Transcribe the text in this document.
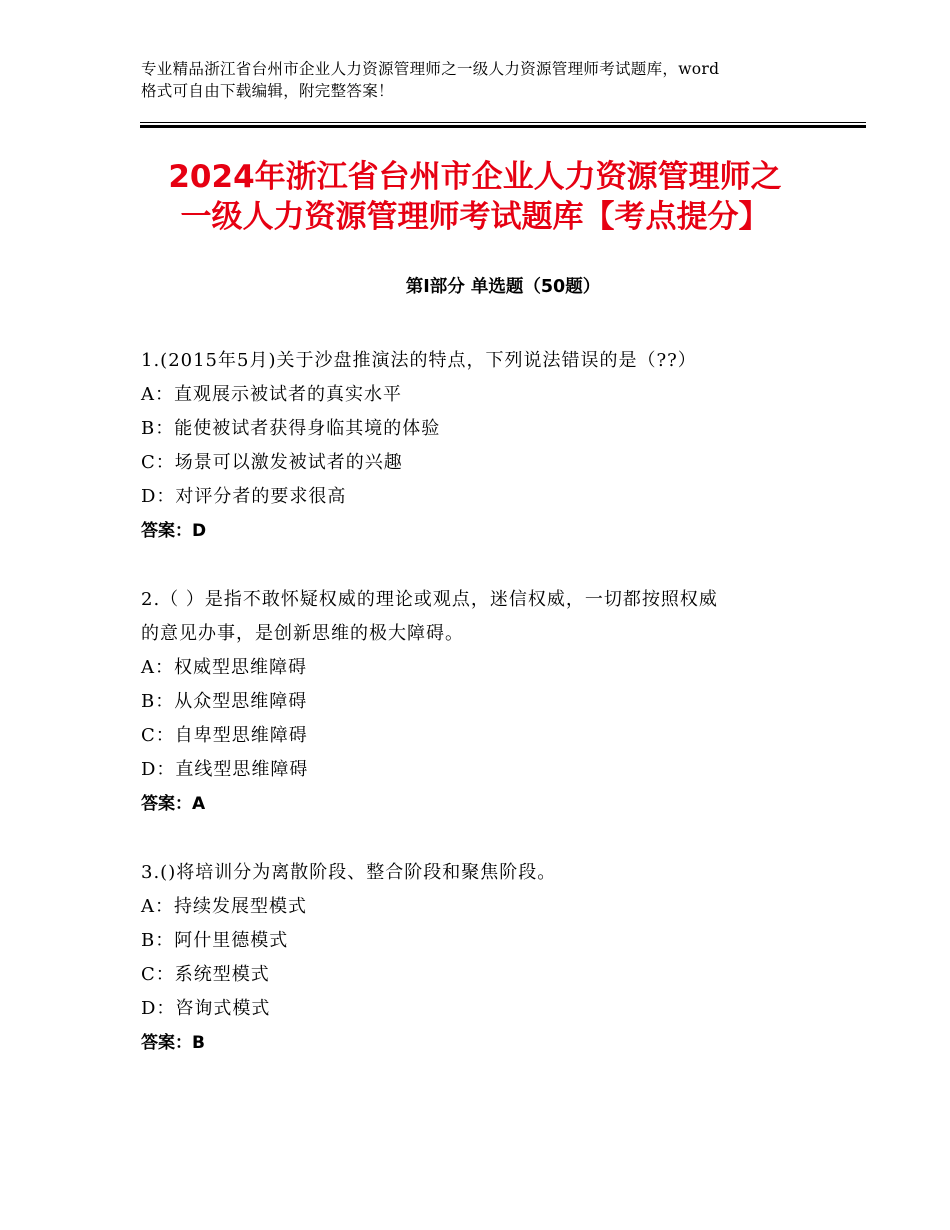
专业精品浙江省台州市企业人力资源管理师之一级人力资源管理师考试题库，word
格式可自由下载编辑，附完整答案！
2024年浙江省台州市企业人力资源管理师之
一级人力资源管理师考试题库【考点提分】
第Ⅰ部分 单选题（50题）
1.(2015年5月)关于沙盘推演法的特点，下列说法错误的是（??）
A：直观展示被试者的真实水平
B：能使被试者获得身临其境的体验
C：场景可以激发被试者的兴趣
D：对评分者的要求很高
答案：D
2.（ ）是指不敢怀疑权威的理论或观点，迷信权威，一切都按照权威
的意见办事，是创新思维的极大障碍。
A：权威型思维障碍
B：从众型思维障碍
C：自卑型思维障碍
D：直线型思维障碍
答案：A
3.()将培训分为离散阶段、整合阶段和聚焦阶段。
A：持续发展型模式
B：阿什里德模式
C：系统型模式
D：咨询式模式
答案：B
